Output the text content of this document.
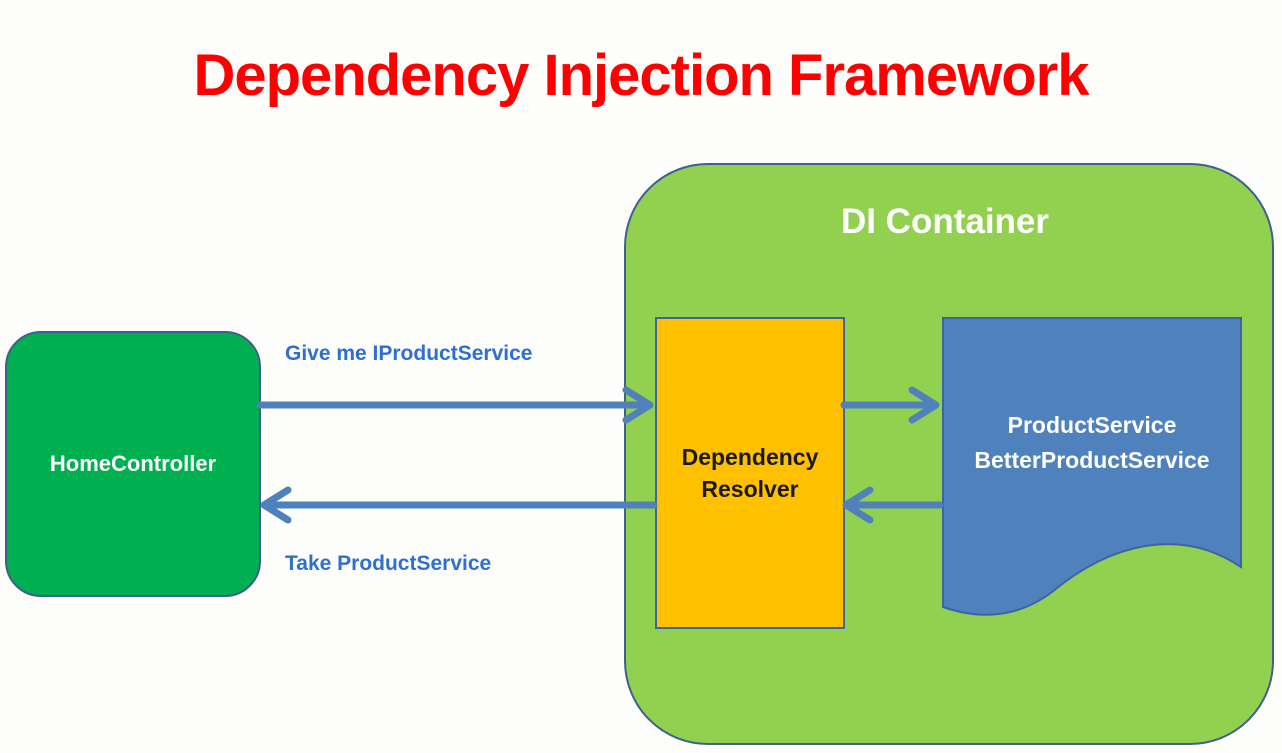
Dependency Injection Framework
DI Container
HomeController	Dependency
Resolver
ProductService
BetterProductService
Give me IProductService
Take ProductService
